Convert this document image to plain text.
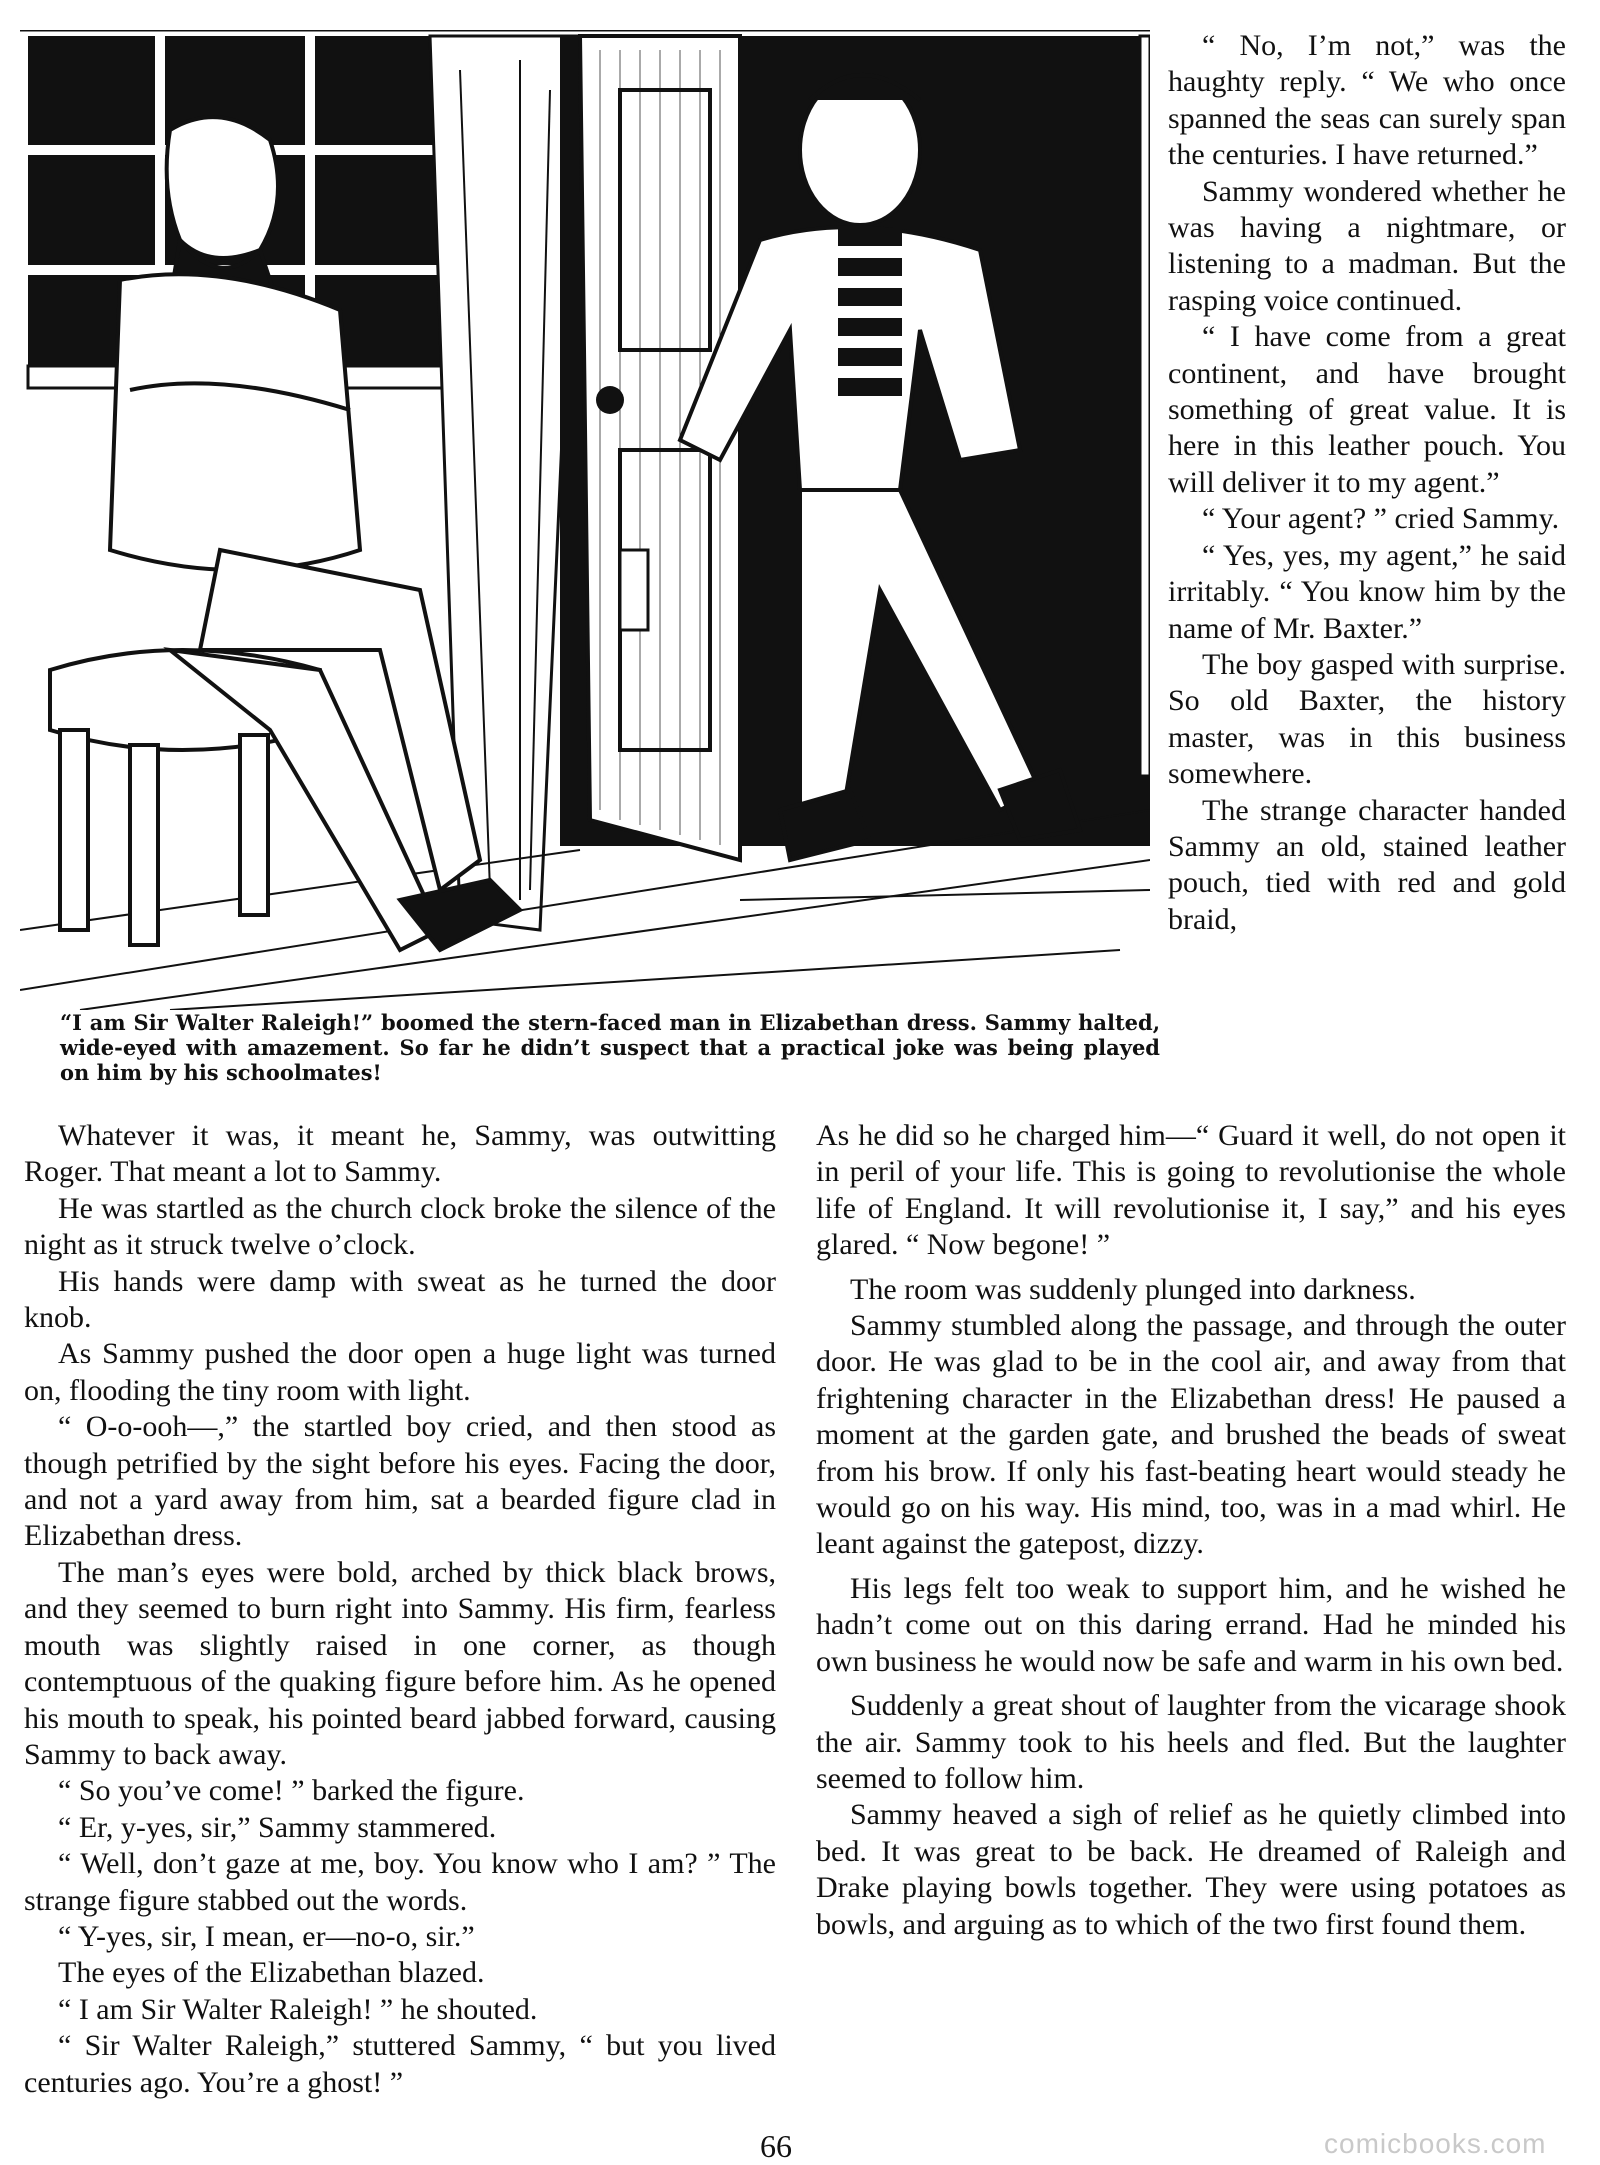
“I am Sir Walter Raleigh!” boomed the stern-faced man in Elizabethan dress. Sammy halted, wide-eyed with amazement. So far he didn’t suspect that a practical joke was being played on him by his schoolmates!

“ No, I’m not,” was the haughty reply. “ We who once spanned the seas can surely span the centuries. I have returned.”

Sammy wondered whether he was having a nightmare, or listening to a madman. But the rasping voice continued.

“ I have come from a great continent, and have brought something of great value. It is here in this leather pouch. You will deliver it to my agent.”

“ Your agent? ” cried Sammy.

“ Yes, yes, my agent,” he said irritably. “ You know him by the name of Mr. Baxter.”

The boy gasped with surprise. So old Baxter, the history master, was in this business somewhere.

The strange character handed Sammy an old, stained leather pouch, tied with red and gold braid,

Whatever it was, it meant he, Sammy, was outwitting Roger. That meant a lot to Sammy.

He was startled as the church clock broke the silence of the night as it struck twelve o’clock.

His hands were damp with sweat as he turned the door knob.

As Sammy pushed the door open a huge light was turned on, flooding the tiny room with light.

“ O-o-ooh—,” the startled boy cried, and then stood as though petrified by the sight before his eyes. Facing the door, and not a yard away from him, sat a bearded figure clad in Elizabethan dress.

The man’s eyes were bold, arched by thick black brows, and they seemed to burn right into Sammy. His firm, fearless mouth was slightly raised in one corner, as though contemptuous of the quaking figure before him. As he opened his mouth to speak, his pointed beard jabbed forward, causing Sammy to back away.

“ So you’ve come! ” barked the figure.

“ Er, y-yes, sir,” Sammy stammered.

“ Well, don’t gaze at me, boy. You know who I am? ” The strange figure stabbed out the words.

“ Y-yes, sir, I mean, er—no-o, sir.”

The eyes of the Elizabethan blazed.

“ I am Sir Walter Raleigh! ” he shouted.

“ Sir Walter Raleigh,” stuttered Sammy, “ but you lived centuries ago. You’re a ghost! ”

As he did so he charged him—“ Guard it well, do not open it in peril of your life. This is going to revolutionise the whole life of England. It will revolutionise it, I say,” and his eyes glared. “ Now begone! ”

The room was suddenly plunged into darkness.

Sammy stumbled along the passage, and through the outer door. He was glad to be in the cool air, and away from that frightening character in the Elizabethan dress! He paused a moment at the garden gate, and brushed the beads of sweat from his brow. If only his fast-beating heart would steady he would go on his way. His mind, too, was in a mad whirl. He leant against the gatepost, dizzy.

His legs felt too weak to support him, and he wished he hadn’t come out on this daring errand. Had he minded his own business he would now be safe and warm in his own bed.

Suddenly a great shout of laughter from the vicarage shook the air. Sammy took to his heels and fled. But the laughter seemed to follow him.

Sammy heaved a sigh of relief as he quietly climbed into bed. It was great to be back. He dreamed of Raleigh and Drake playing bowls together. They were using potatoes as bowls, and arguing as to which of the two first found them.

66	comicbooks.com
